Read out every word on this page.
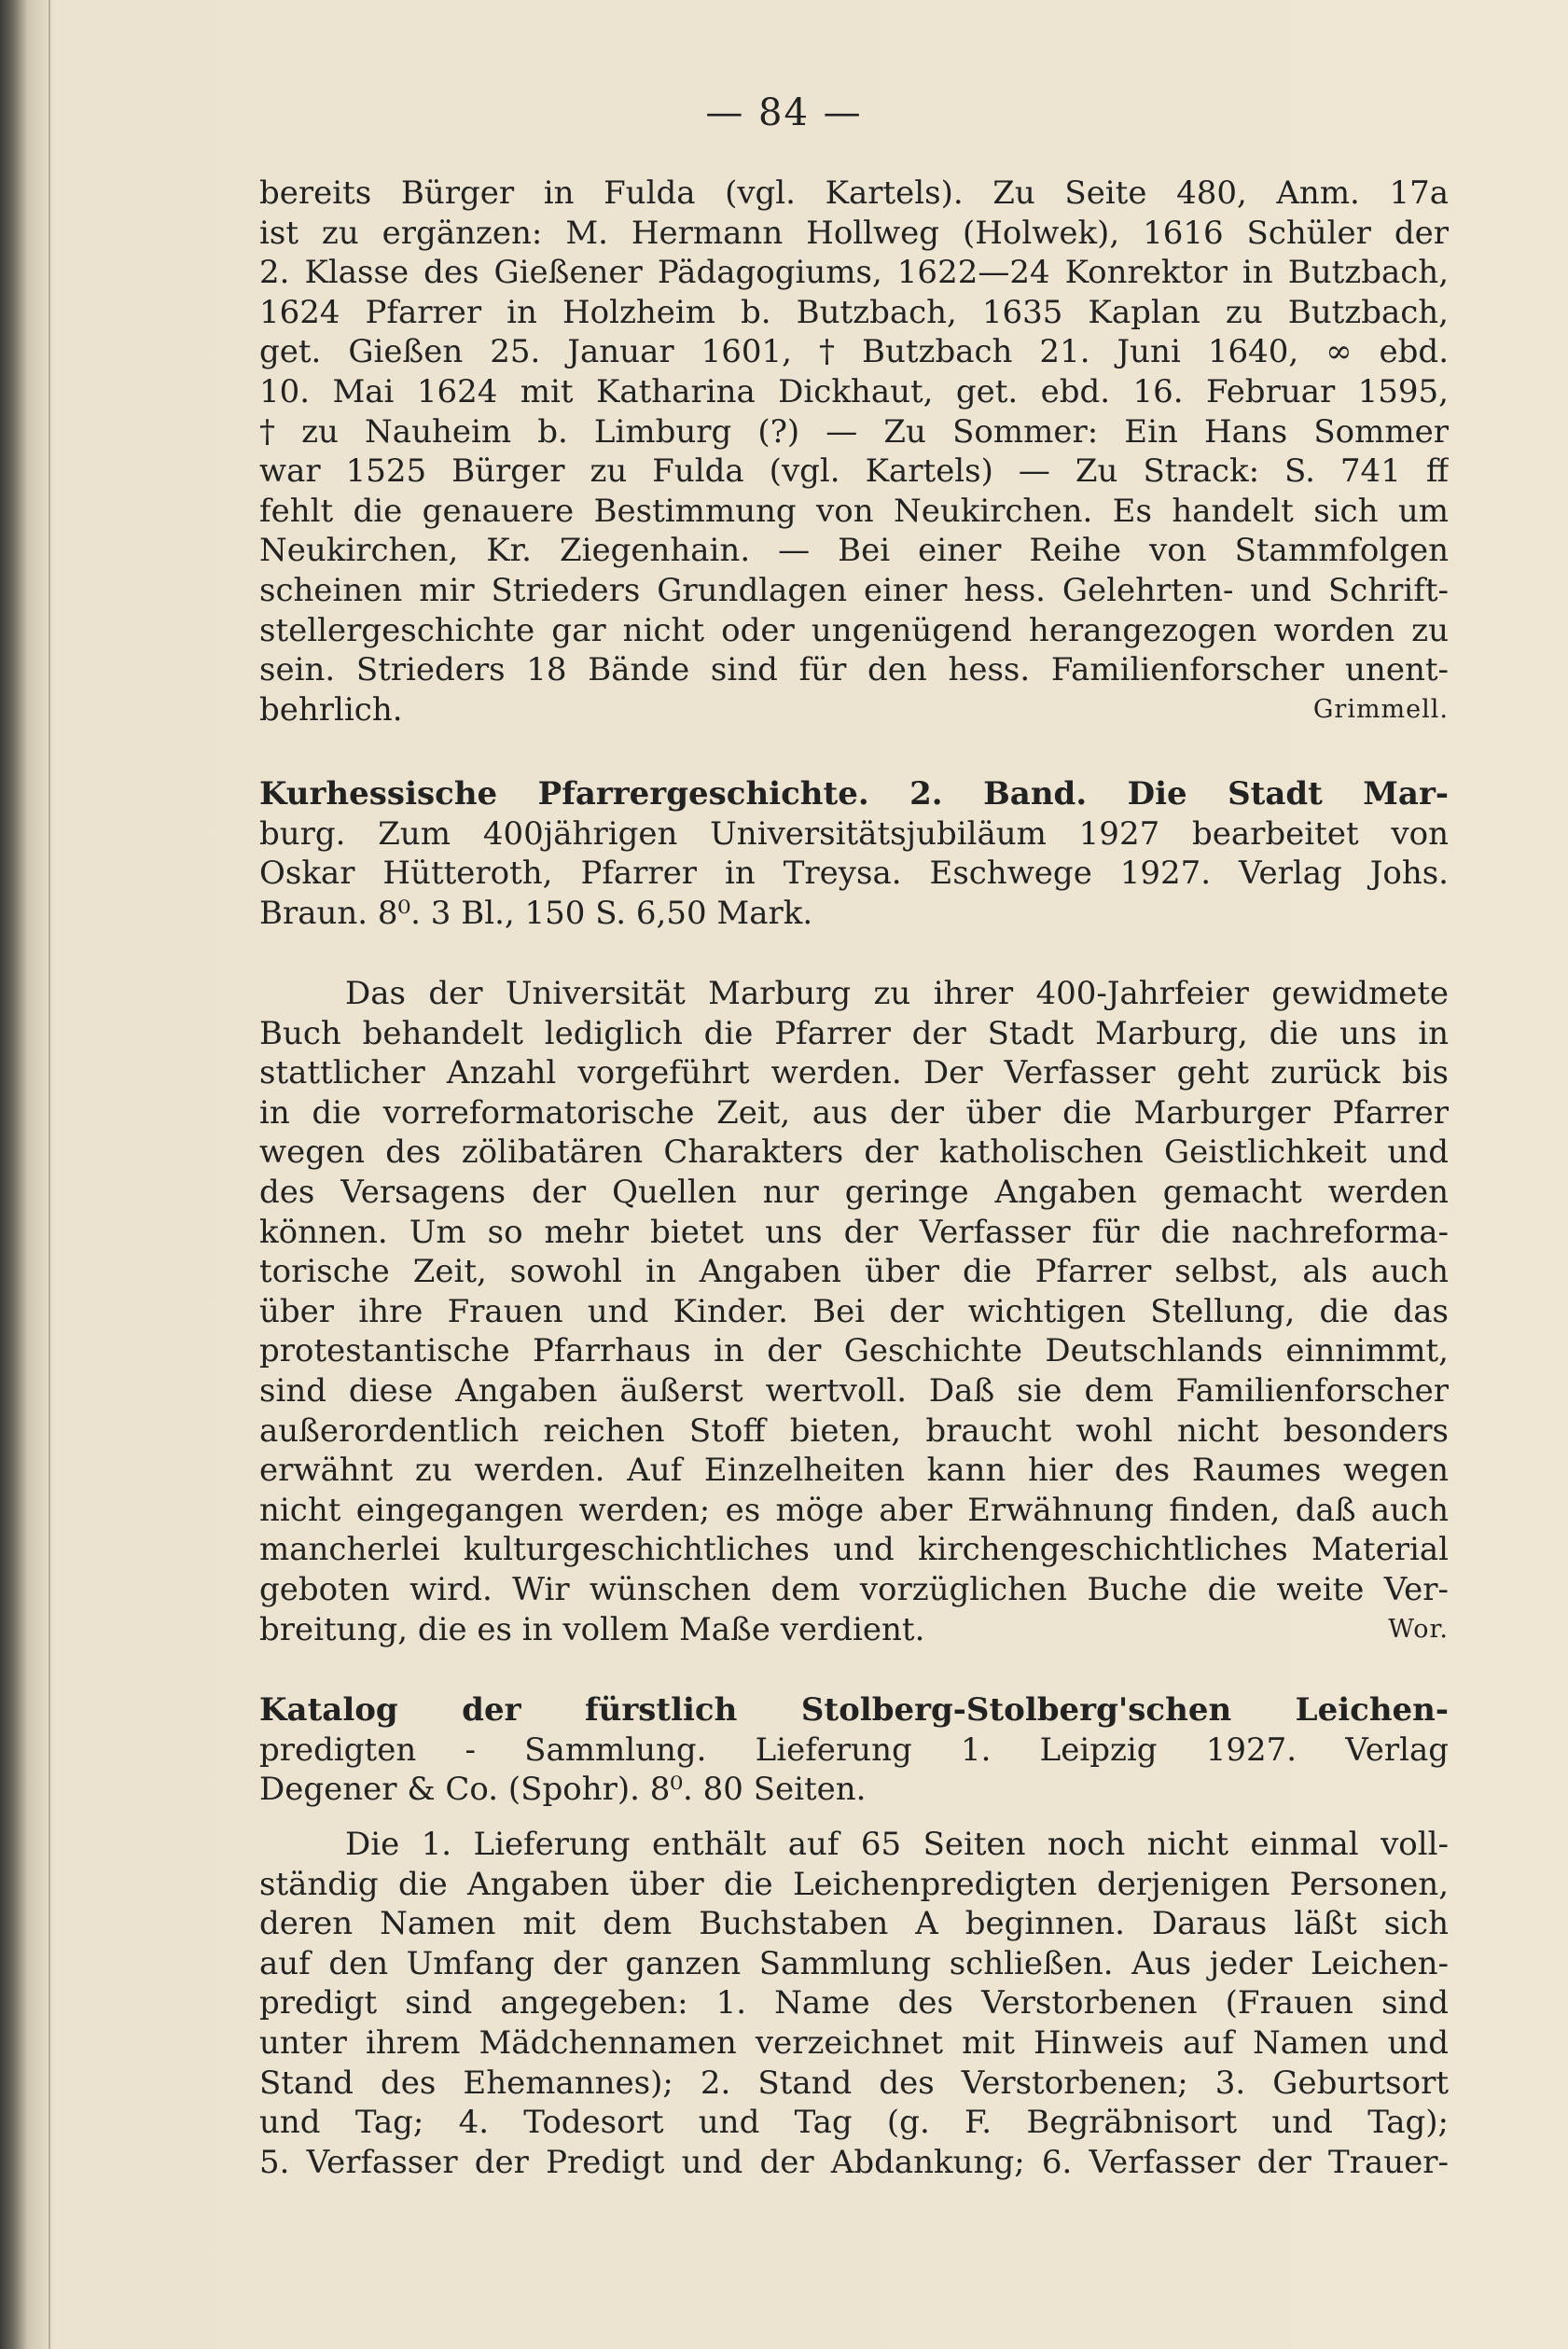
— 84 —
bereits Bürger in Fulda (vgl. Kartels). Zu Seite 480, Anm. 17a
ist zu ergänzen: M. Hermann Hollweg (Holwek), 1616 Schüler der
2. Klasse des Gießener Pädagogiums, 1622—24 Konrektor in Butzbach,
1624 Pfarrer in Holzheim b. Butzbach, 1635 Kaplan zu Butzbach,
get. Gießen 25. Januar 1601, † Butzbach 21. Juni 1640, ∞ ebd.
10. Mai 1624 mit Katharina Dickhaut, get. ebd. 16. Februar 1595,
† zu Nauheim b. Limburg (?) — Zu Sommer: Ein Hans Sommer
war 1525 Bürger zu Fulda (vgl. Kartels) — Zu Strack: S. 741 ff
fehlt die genauere Bestimmung von Neukirchen. Es handelt sich um
Neukirchen, Kr. Ziegenhain. — Bei einer Reihe von Stammfolgen
scheinen mir Strieders Grundlagen einer hess. Gelehrten- und Schrift-
stellergeschichte gar nicht oder ungenügend herangezogen worden zu
sein. Strieders 18 Bände sind für den hess. Familienforscher unent-
behrlich.	Grimmell.
Kurhessische Pfarrergeschichte. 2. Band. Die Stadt Mar-
burg. Zum 400jährigen Universitätsjubiläum 1927 bearbeitet von
Oskar Hütteroth, Pfarrer in Treysa. Eschwege 1927. Verlag Johs.
Braun. 8⁰. 3 Bl., 150 S. 6,50 Mark.
Das der Universität Marburg zu ihrer 400-Jahrfeier gewidmete
Buch behandelt lediglich die Pfarrer der Stadt Marburg, die uns in
stattlicher Anzahl vorgeführt werden. Der Verfasser geht zurück bis
in die vorreformatorische Zeit, aus der über die Marburger Pfarrer
wegen des zölibatären Charakters der katholischen Geistlichkeit und
des Versagens der Quellen nur geringe Angaben gemacht werden
können. Um so mehr bietet uns der Verfasser für die nachreforma-
torische Zeit, sowohl in Angaben über die Pfarrer selbst, als auch
über ihre Frauen und Kinder. Bei der wichtigen Stellung, die das
protestantische Pfarrhaus in der Geschichte Deutschlands einnimmt,
sind diese Angaben äußerst wertvoll. Daß sie dem Familienforscher
außerordentlich reichen Stoff bieten, braucht wohl nicht besonders
erwähnt zu werden. Auf Einzelheiten kann hier des Raumes wegen
nicht eingegangen werden; es möge aber Erwähnung finden, daß auch
mancherlei kulturgeschichtliches und kirchengeschichtliches Material
geboten wird. Wir wünschen dem vorzüglichen Buche die weite Ver-
breitung, die es in vollem Maße verdient.	Wor.
Katalog der fürstlich Stolberg-Stolberg'schen Leichen-
predigten - Sammlung. Lieferung 1. Leipzig 1927. Verlag
Degener & Co. (Spohr). 8⁰. 80 Seiten.
Die 1. Lieferung enthält auf 65 Seiten noch nicht einmal voll-
ständig die Angaben über die Leichenpredigten derjenigen Personen,
deren Namen mit dem Buchstaben A beginnen. Daraus läßt sich
auf den Umfang der ganzen Sammlung schließen. Aus jeder Leichen-
predigt sind angegeben: 1. Name des Verstorbenen (Frauen sind
unter ihrem Mädchennamen verzeichnet mit Hinweis auf Namen und
Stand des Ehemannes); 2. Stand des Verstorbenen; 3. Geburtsort
und Tag; 4. Todesort und Tag (g. F. Begräbnisort und Tag);
5. Verfasser der Predigt und der Abdankung; 6. Verfasser der Trauer-
